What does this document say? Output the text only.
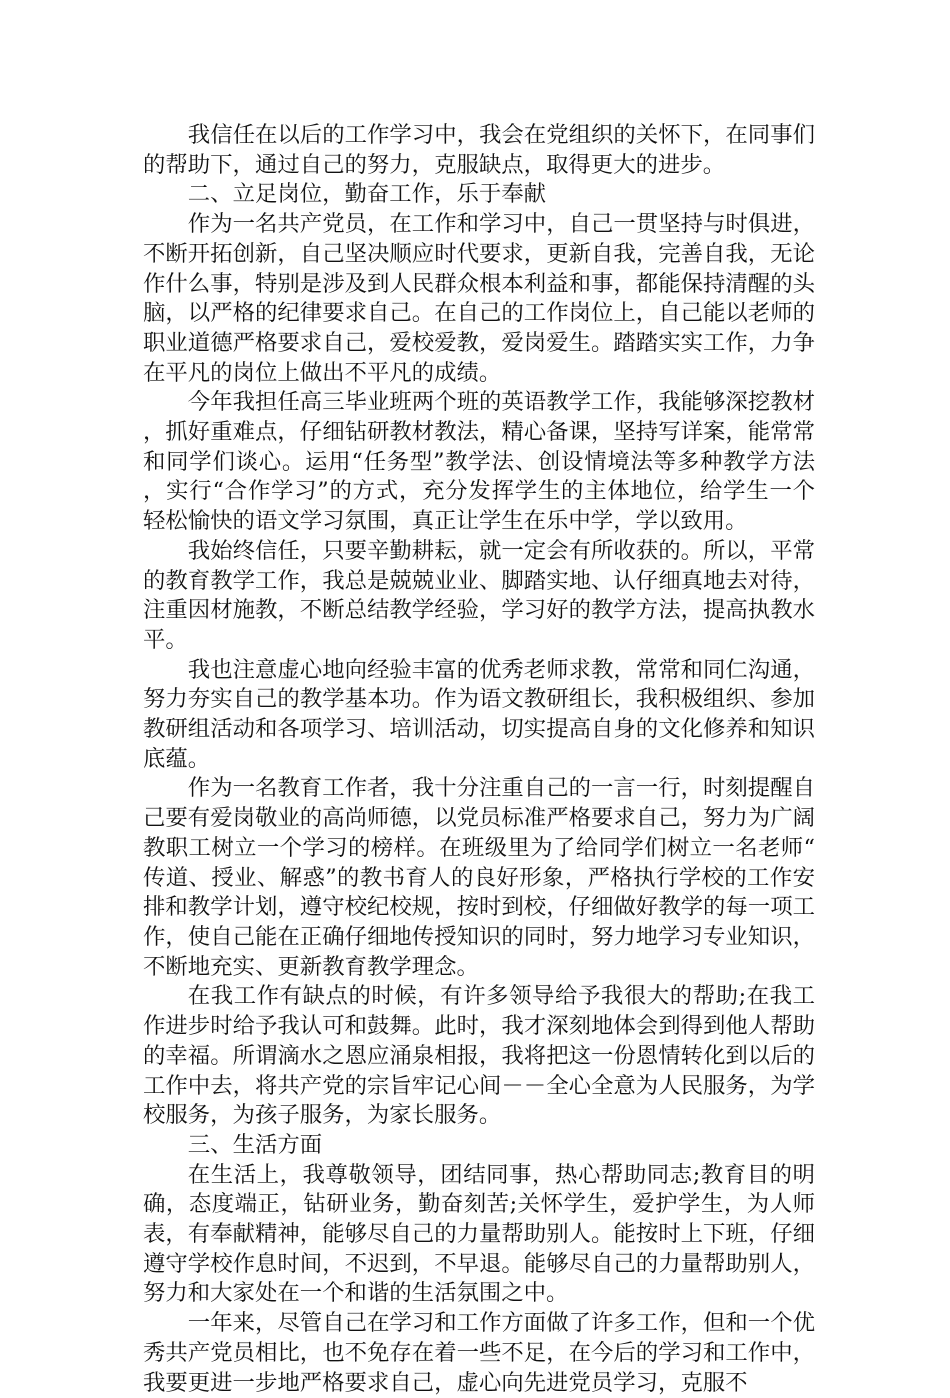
我信任在以后的工作学习中，我会在党组织的关怀下，在同事们的帮助下，通过自己的努力，克服缺点，取得更大的进步。

二、立足岗位，勤奋工作，乐于奉献

作为一名共产党员，在工作和学习中，自己一贯坚持与时俱进，不断开拓创新，自己坚决顺应时代要求，更新自我，完善自我，无论作什么事，特别是涉及到人民群众根本利益和事，都能保持清醒的头脑，以严格的纪律要求自己。在自己的工作岗位上，自己能以老师的职业道德严格要求自己，爱校爱教，爱岗爱生。踏踏实实工作，力争在平凡的岗位上做出不平凡的成绩。

今年我担任高三毕业班两个班的英语教学工作，我能够深挖教材，抓好重难点，仔细钻研教材教法，精心备课，坚持写详案，能常常和同学们谈心。运用“任务型”教学法、创设情境法等多种教学方法，实行“合作学习”的方式，充分发挥学生的主体地位，给学生一个轻松愉快的语文学习氛围，真正让学生在乐中学，学以致用。

我始终信任，只要辛勤耕耘，就一定会有所收获的。所以，平常的教育教学工作，我总是兢兢业业、脚踏实地、认仔细真地去对待，注重因材施教，不断总结教学经验，学习好的教学方法，提高执教水平。

我也注意虚心地向经验丰富的优秀老师求教，常常和同仁沟通，努力夯实自己的教学基本功。作为语文教研组长，我积极组织、参加教研组活动和各项学习、培训活动，切实提高自身的文化修养和知识底蕴。

作为一名教育工作者，我十分注重自己的一言一行，时刻提醒自己要有爱岗敬业的高尚师德，以党员标准严格要求自己，努力为广阔教职工树立一个学习的榜样。在班级里为了给同学们树立一名老师“传道、授业、解惑”的教书育人的良好形象，严格执行学校的工作安排和教学计划，遵守校纪校规，按时到校，仔细做好教学的每一项工作，使自己能在正确仔细地传授知识的同时，努力地学习专业知识，不断地充实、更新教育教学理念。

在我工作有缺点的时候，有许多领导给予我很大的帮助;在我工作进步时给予我认可和鼓舞。此时，我才深刻地体会到得到他人帮助的幸福。所谓滴水之恩应涌泉相报，我将把这一份恩情转化到以后的工作中去，将共产党的宗旨牢记心间－－全心全意为人民服务，为学校服务，为孩子服务，为家长服务。

三、生活方面

在生活上，我尊敬领导，团结同事，热心帮助同志;教育目的明确，态度端正，钻研业务，勤奋刻苦;关怀学生，爱护学生，为人师表，有奉献精神，能够尽自己的力量帮助别人。能按时上下班，仔细遵守学校作息时间，不迟到，不早退。能够尽自己的力量帮助别人，努力和大家处在一个和谐的生活氛围之中。

一年来，尽管自己在学习和工作方面做了许多工作，但和一个优秀共产党员相比，也不免存在着一些不足，在今后的学习和工作中，我要更进一步地严格要求自己，虚心向先进党员学习，克服不
